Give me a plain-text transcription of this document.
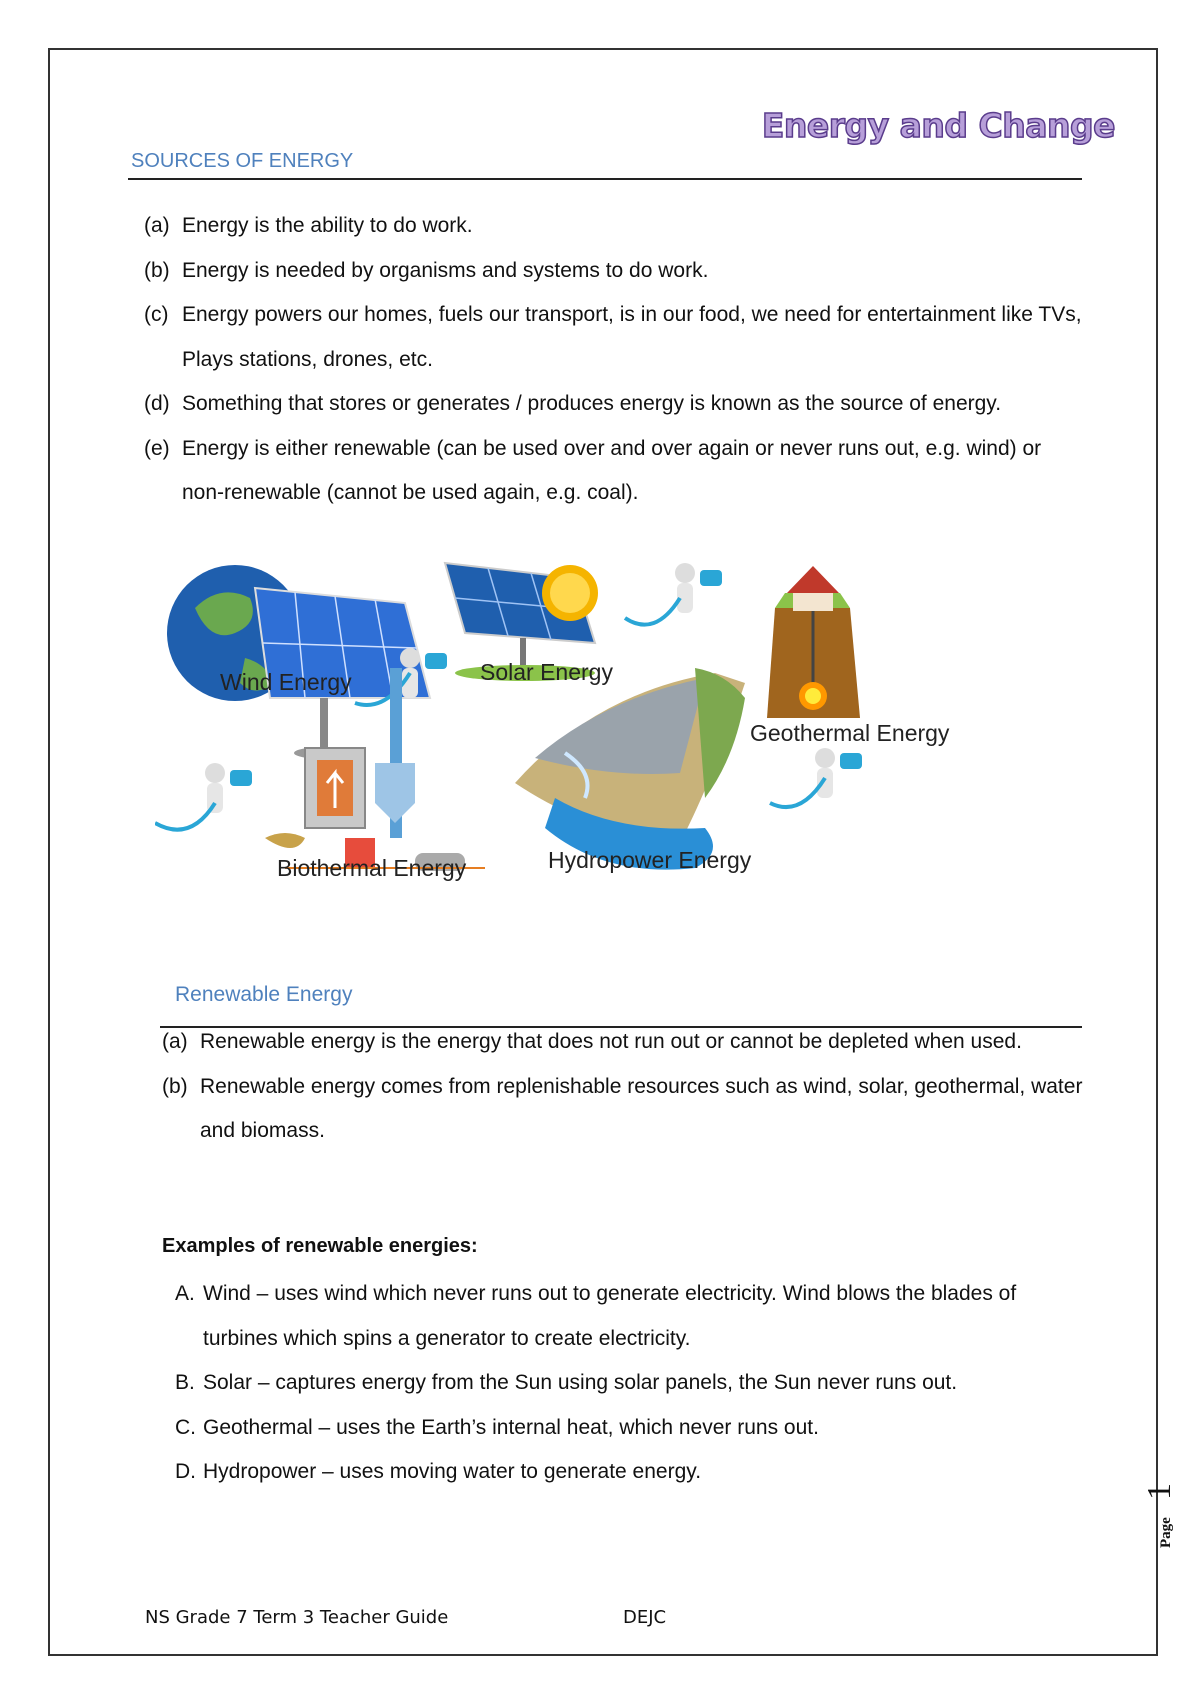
Energy and Change
SOURCES OF ENERGY
(a) Energy is the ability to do work.
(b) Energy is needed by organisms and systems to do work.
(c) Energy powers our homes, fuels our transport, is in our food, we need for entertainment like TVs, Plays stations, drones, etc.
(d) Something that stores or generates / produces energy is known as the source of energy.
(e) Energy is either renewable (can be used over and over again or never runs out, e.g. wind) or non-renewable (cannot be used again, e.g. coal).
Wind Energy	Solar Energy
Geothermal Energy
Biothermal Energy	Hydropower Energy
Renewable Energy
(a) Renewable energy is the energy that does not run out or cannot be depleted when used.
(b) Renewable energy comes from replenishable resources such as wind, solar, geothermal, water and biomass.
Examples of renewable energies:
A. Wind – uses wind which never runs out to generate electricity. Wind blows the blades of turbines which spins a generator to create electricity.
B. Solar – captures energy from the Sun using solar panels, the Sun never runs out.
C. Geothermal – uses the Earth’s internal heat, which never runs out.
D. Hydropower – uses moving water to generate energy.
Page
1
NS Grade 7 Term 3 Teacher Guide	DEJC
